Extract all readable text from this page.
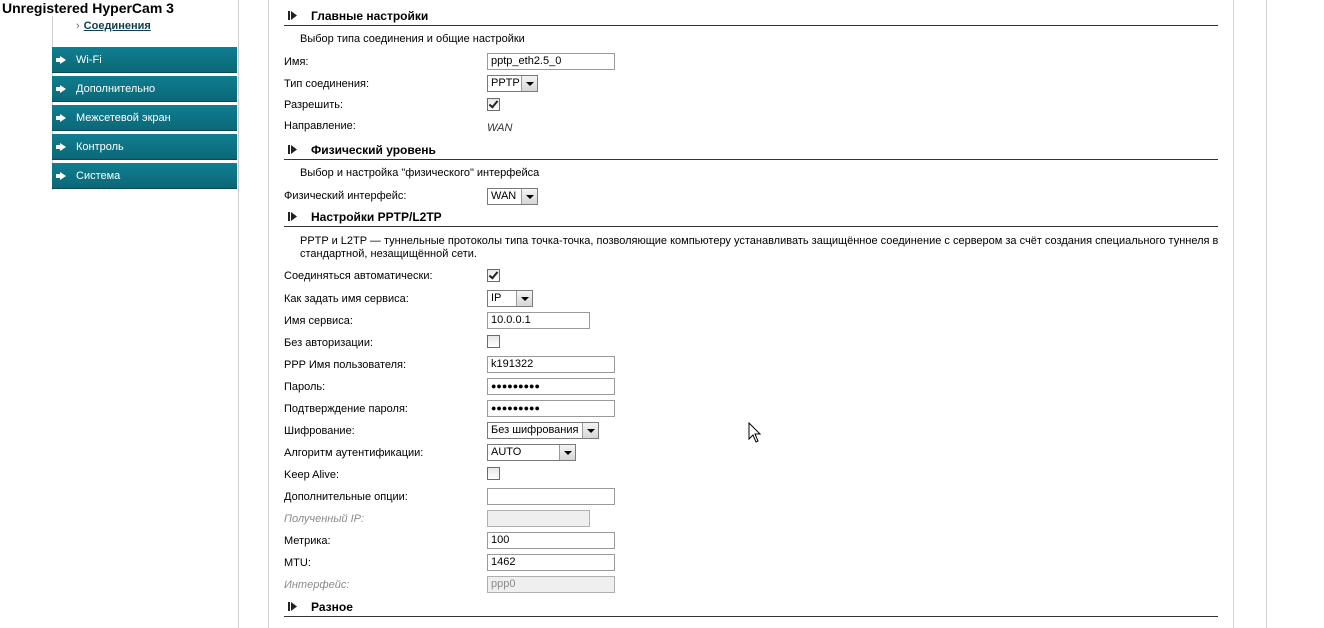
Unregistered HyperCam 3
› Соединения
Wi-Fi
Дополнительно
Межсетевой экран
Контроль
Система
Главные настройки
Выбор типа соединения и общие настройки
Имя:	pptp_eth2.5_0
Тип соединения:	PPTP
Разрешить:
Направление:	WAN
Физический уровень
Выбор и настройка "физического" интерфейса
Физический интерфейс:	WAN
Настройки PPTP/L2TP
PPTP и L2TP — туннельные протоколы типа точка-точка, позволяющие компьютеру устанавливать защищённое соединение с сервером за счёт создания специального туннеля в стандартной, незащищённой сети.
Соединяться автоматически:
Как задать имя сервиса:	IP
Имя сервиса:	10.0.0.1
Без авторизации:
PPP Имя пользователя:	k191322
Пароль:	●●●●●●●●●
Подтверждение пароля:	●●●●●●●●●
Шифрование:	Без шифрования
Алгоритм аутентификации:	AUTO
Keep Alive:
Дополнительные опции:
Полученный IP:
Метрика:	100
MTU:	1462
Интерфейс:	ppp0
Разное
